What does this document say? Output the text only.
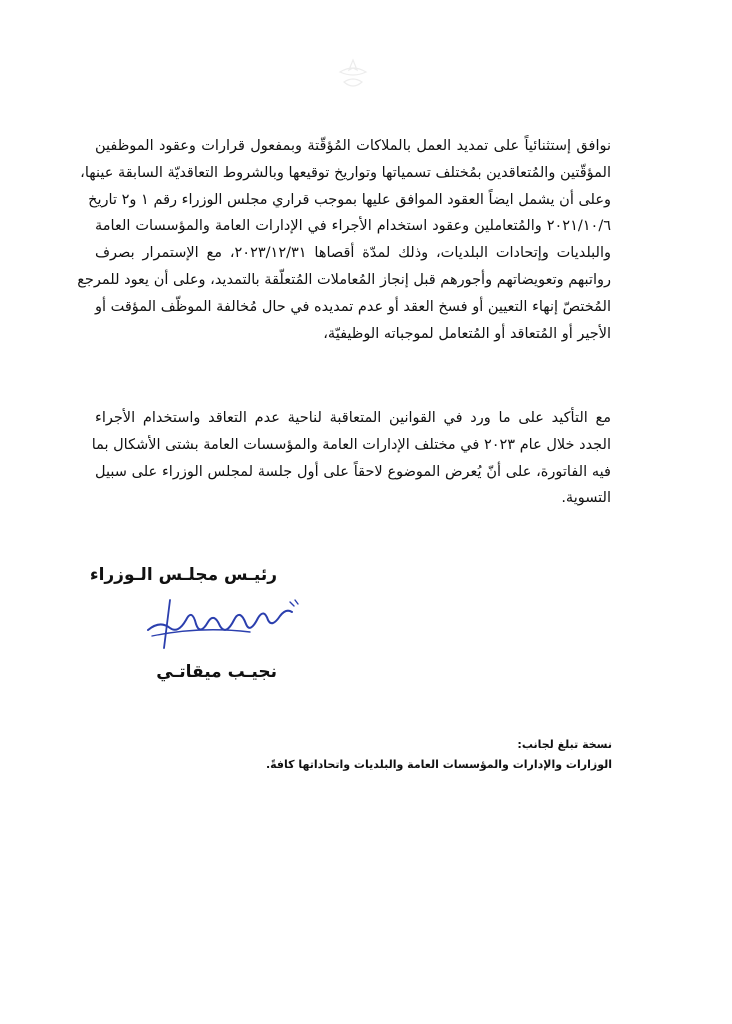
نوافق إستثنائياً على تمديد العمل بالملاكات المُؤقّتة وبمفعول قرارات وعقود الموظفين
المؤقّتين والمُتعاقدين بمُختلف تسمياتها وتواريخ توقيعها وبالشروط التعاقديّة السابقة عينها،
وعلى أن يشمل ايضاً العقود الموافق عليها بموجب قراري مجلس الوزراء رقم ١ و٢ تاريخ
٢٠٢١/١٠/٦ والمُتعاملين وعقود استخدام الأجراء في الإدارات العامة والمؤسسات العامة
والبلديات وإتحادات البلديات، وذلك لمدّة أقصاها ٢٠٢٣/١٢/٣١، مع الإستمرار بصرف
رواتبهم وتعويضاتهم وأجورهم قبل إنجاز المُعاملات المُتعلّقة بالتمديد، وعلى أن يعود للمرجع
المُختصّ إنهاء التعيين أو فسخ العقد أو عدم تمديده في حال مُخالفة الموظّف المؤقت أو
الأجير أو المُتعاقد أو المُتعامل لموجباته الوظيفيّة،
مع التأكيد على ما ورد في القوانين المتعاقبة لناحية عدم التعاقد واستخدام الأجراء
الجدد خلال عام ٢٠٢٣ في مختلف الإدارات العامة والمؤسسات العامة بشتى الأشكال بما
فيه الفاتورة، على أنّ يُعرض الموضوع لاحقاً على أول جلسة لمجلس الوزراء على سبيل
التسوية.
رئيـس مجلـس الـوزراء
نجيـب ميقاتـي
نسخة تبلغ لجانب:
الوزارات والإدارات والمؤسسات العامة والبلديات واتحاداتها كافةً.
